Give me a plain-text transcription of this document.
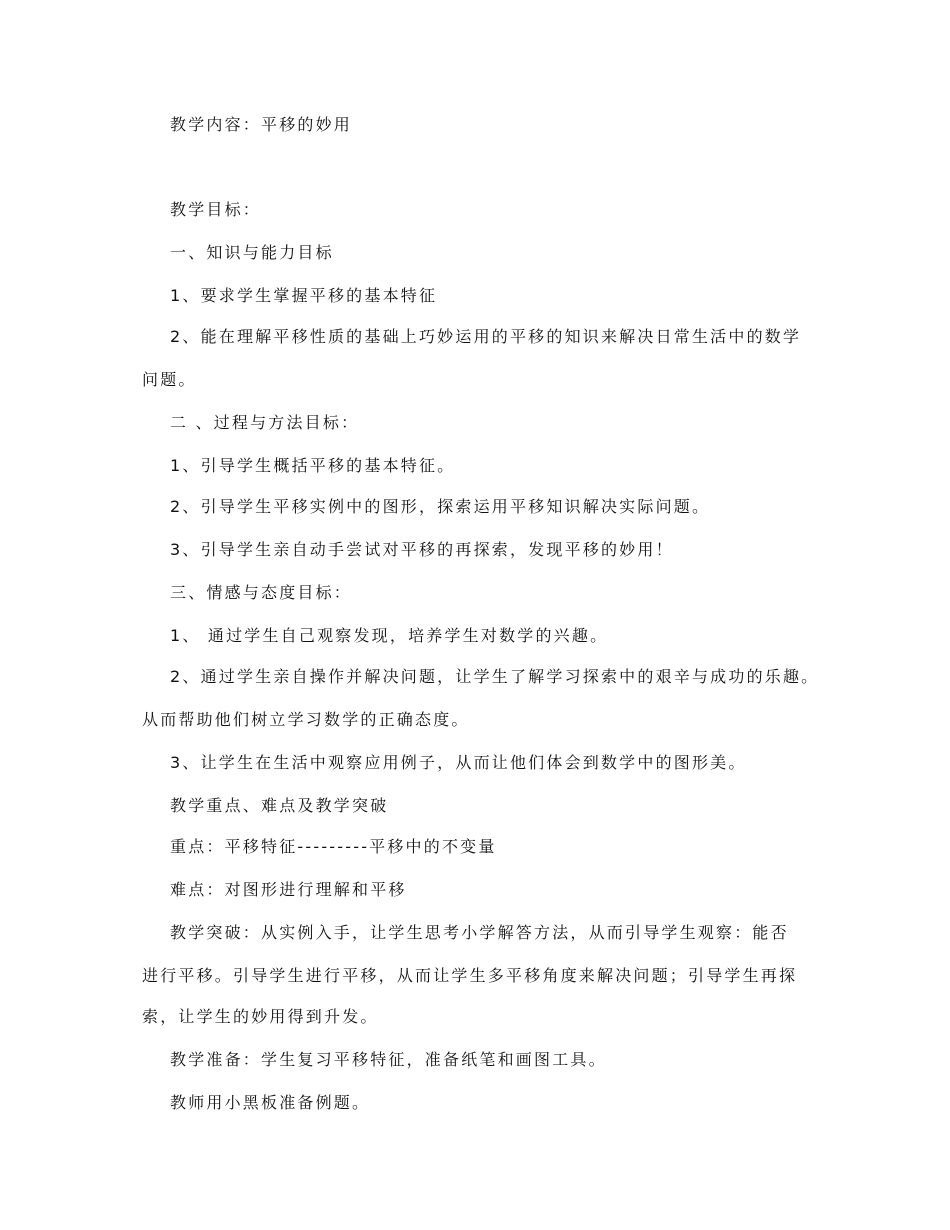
教学内容：平移的妙用
教学目标：
一、知识与能力目标
1、要求学生掌握平移的基本特征
2、能在理解平移性质的基础上巧妙运用的平移的知识来解决日常生活中的数学
问题。
二 、过程与方法目标：
1、引导学生概括平移的基本特征。
2、引导学生平移实例中的图形，探索运用平移知识解决实际问题。
3、引导学生亲自动手尝试对平移的再探索，发现平移的妙用！
三、情感与态度目标：
1、 通过学生自己观察发现，培养学生对数学的兴趣。
2、通过学生亲自操作并解决问题，让学生了解学习探索中的艰辛与成功的乐趣。
从而帮助他们树立学习数学的正确态度。
3、让学生在生活中观察应用例子，从而让他们体会到数学中的图形美。
教学重点、难点及教学突破
重点：平移特征---------平移中的不变量
难点：对图形进行理解和平移
教学突破：从实例入手，让学生思考小学解答方法，从而引导学生观察：能否
进行平移。引导学生进行平移，从而让学生多平移角度来解决问题；引导学生再探
索，让学生的妙用得到升发。
教学准备：学生复习平移特征，准备纸笔和画图工具。
教师用小黑板准备例题。
